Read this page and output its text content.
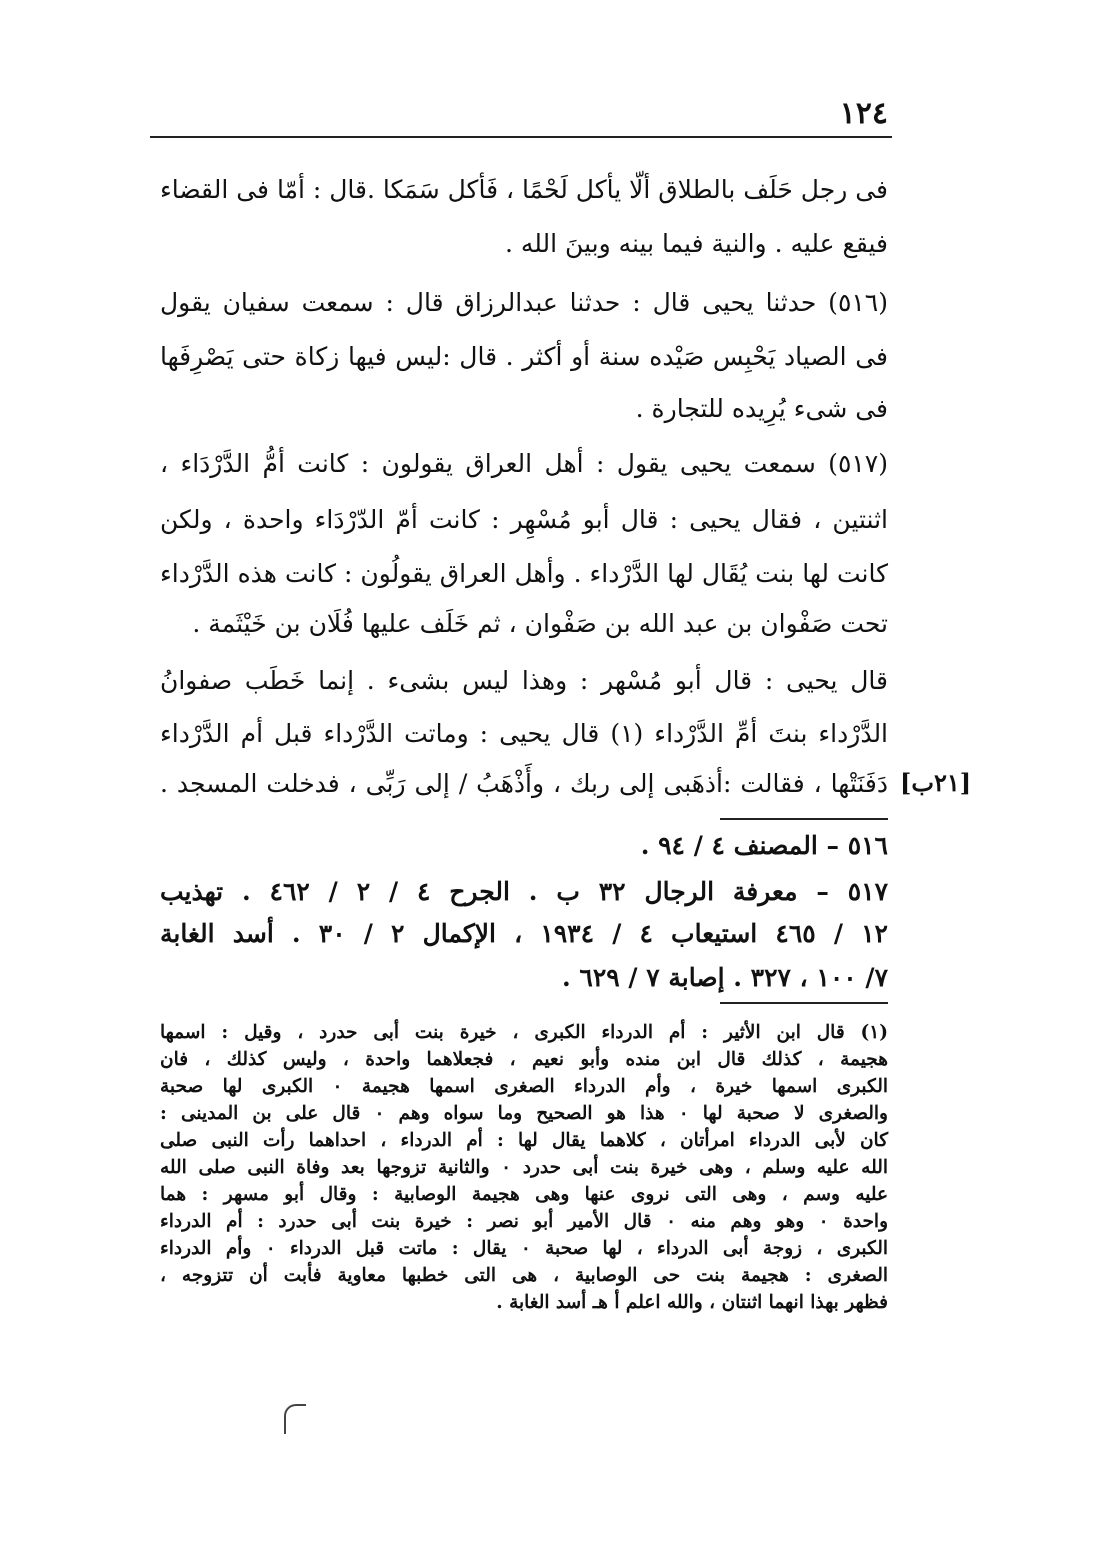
١٢٤
فى رجل حَلَف بالطلاق ألّا يأكل لَحْمًا ، فَأكل سَمَكا .قال : أمّا فى القضاء
فيقع عليه . والنية فيما بينه وبينَ الله .
(٥١٦) حدثنا يحيى قال : حدثنا عبدالرزاق قال : سمعت سفيان يقول
فى الصياد يَحْبِس صَيْده سنة أو أكثر . قال :ليس فيها زكاة حتى يَصْرِفَها
فى شىء يُرِيده للتجارة .
(٥١٧) سمعت يحيى يقول : أهل العراق يقولون : كانت أمُّ الدَّرْدَاء ،
اثنتين ، فقال يحيى : قال أبو مُسْهِر : كانت أمّ الدّرْدَاء واحدة ، ولكن
كانت لها بنت يُقَال لها الدَّرْداء . وأهل العراق يقولُون : كانت هذه الدَّرْداء
تحت صَفْوان بن عبد الله بن صَفْوان ، ثم خَلَف عليها فُلَان بن خَيْثَمة .
قال يحيى : قال أبو مُسْهر : وهذا ليس بشىء . إنما خَطَب صفوانُ
الدَّرْداء بنتَ أمِّ الدَّرْداء (١) قال يحيى : وماتت الدَّرْداء قبل أم الدَّرْداء
دَفَنَتْها ، فقالت :أذهَبى إلى ربك ، وأَذْهَبُ / إلى رَبِّى ، فدخلت المسجد . [٢١ب]
٥١٦ – المصنف ٤ / ٩٤ .
٥١٧ – معرفة الرجال ٣٢ ب . الجرح ٤ / ٢ / ٤٦٢ . تهذيب
١٢ / ٤٦٥ استيعاب ٤ / ١٩٣٤ ، الإكمال ٢ / ٣٠ . أسد الغابة
٧/ ١٠٠ ، ٣٢٧ . إصابة ٧ / ٦٢٩ .
(١) قال ابن الأثير : أم الدرداء الكبرى ، خيرة بنت أبى حدرد ، وقيل : اسمها
هجيمة ، كذلك قال ابن منده وأبو نعيم ، فجعلاهما واحدة ، وليس كذلك ، فان
الكبرى اسمها خيرة ، وأم الدرداء الصغرى اسمها هجيمة ٠ الكبرى لها صحبة
والصغرى لا صحبة لها ٠ هذا هو الصحيح وما سواه وهم ٠ قال على بن المدينى :
كان لأبى الدرداء امرأتان ، كلاهما يقال لها : أم الدرداء ، احداهما رأت النبى صلى
الله عليه وسلم ، وهى خيرة بنت أبى حدرد ٠ والثانية تزوجها بعد وفاة النبى صلى الله
عليه وسم ، وهى التى نروى عنها وهى هجيمة الوصابية : وقال أبو مسهر : هما
واحدة ٠ وهو وهم منه ٠ قال الأمير أبو نصر : خيرة بنت أبى حدرد : أم الدرداء
الكبرى ، زوجة أبى الدرداء ، لها صحبة ٠ يقال : ماتت قبل الدرداء ٠ وأم الدرداء
الصغرى : هجيمة بنت حى الوصابية ، هى التى خطبها معاوية فأبت أن تتزوجه ،
فظهر بهذا انهما اثنتان ، والله اعلم أ هـ أسد الغابة .
